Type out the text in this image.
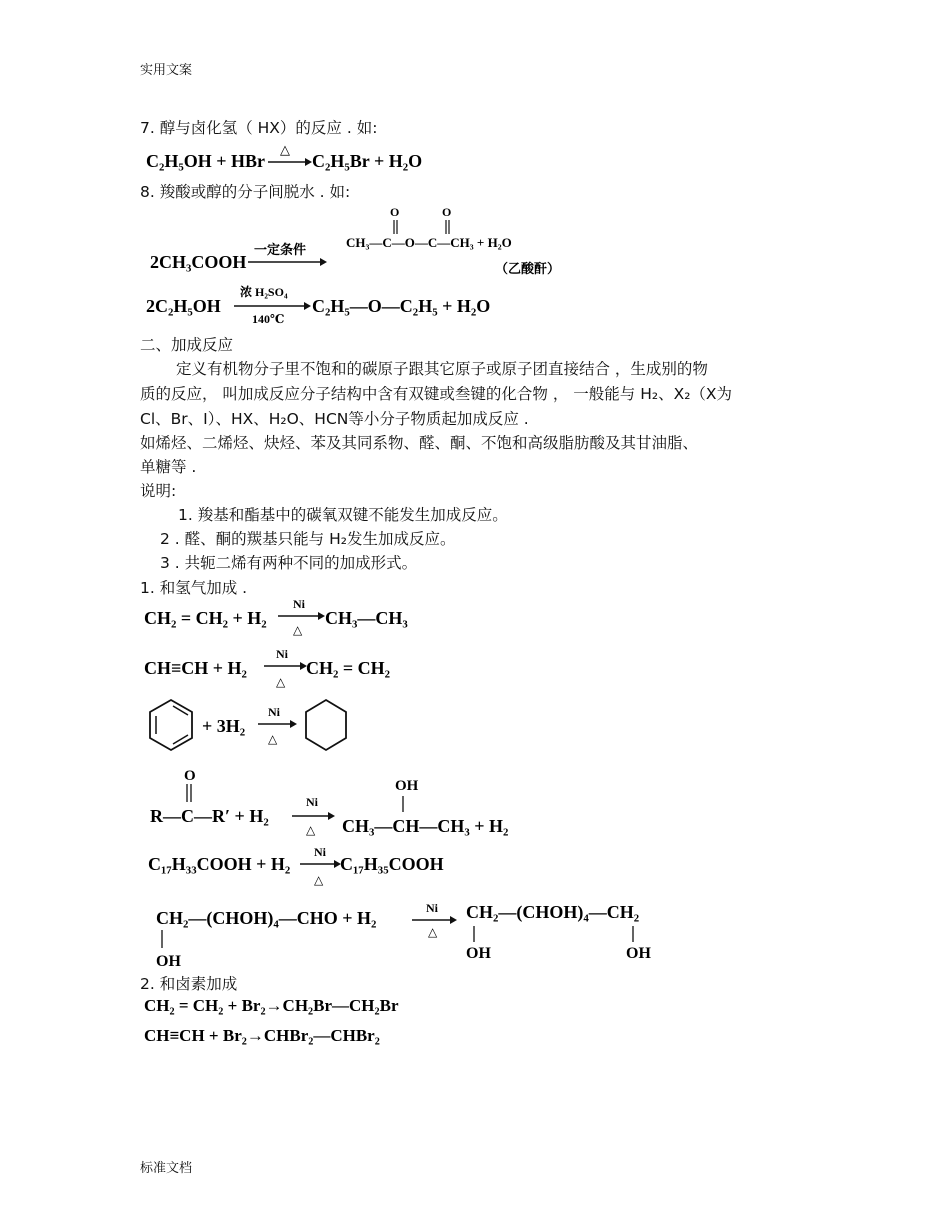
实用文案
7. 醇与卤化氢（ HX）的反应 . 如:
C₂H₅OH + HBr
△
C₂H₅Br + H₂O
8. 羧酸或醇的分子间脱水 . 如:
2CH₃COOH
一定条件
O	O
CH₃—C—O—C—CH₃ + H₂O
（乙酸酐）
2C₂H₅OH
浓 H₂SO₄
140℃
C₂H₅—O—C₂H₅ + H₂O
二、加成反应
定义有机物分子里不饱和的碳原子跟其它原子或原子团直接结合 ，生成别的物
质的反应， 叫加成反应分子结构中含有双键或叁键的化合物 ， 一般能与 H₂、X₂（X为
Cl、Br、I）、HX、H₂O、HCN等小分子物质起加成反应 .
如烯烃、二烯烃、炔烃、苯及其同系物、醛、酮、不饱和高级脂肪酸及其甘油脂、
单糖等 .
说明:
1. 羧基和酯基中的碳氧双键不能发生加成反应。
2 . 醛、酮的羰基只能与 H₂发生加成反应。
3 . 共轭二烯有两种不同的加成形式。
1. 和氢气加成 .
CH₂ = CH₂ + H₂
Ni
△
CH₃—CH₃
CH≡CH + H₂
Ni
△
CH₂ = CH₂
+ 3H₂
Ni
△
O
R—C—R′ + H₂
Ni
△
OH
CH₃—CH—CH₃ + H₂
C₁₇H₃₃COOH + H₂
Ni
△
C₁₇H₃₅COOH
CH₂—(CHOH)₄—CHO + H₂
OH
Ni
△
CH₂—(CHOH)₄—CH₂
OH	OH
2. 和卤素加成
CH₂ = CH₂ + Br₂→CH₂Br—CH₂Br
CH≡CH + Br₂→CHBr₂—CHBr₂
标准文档
